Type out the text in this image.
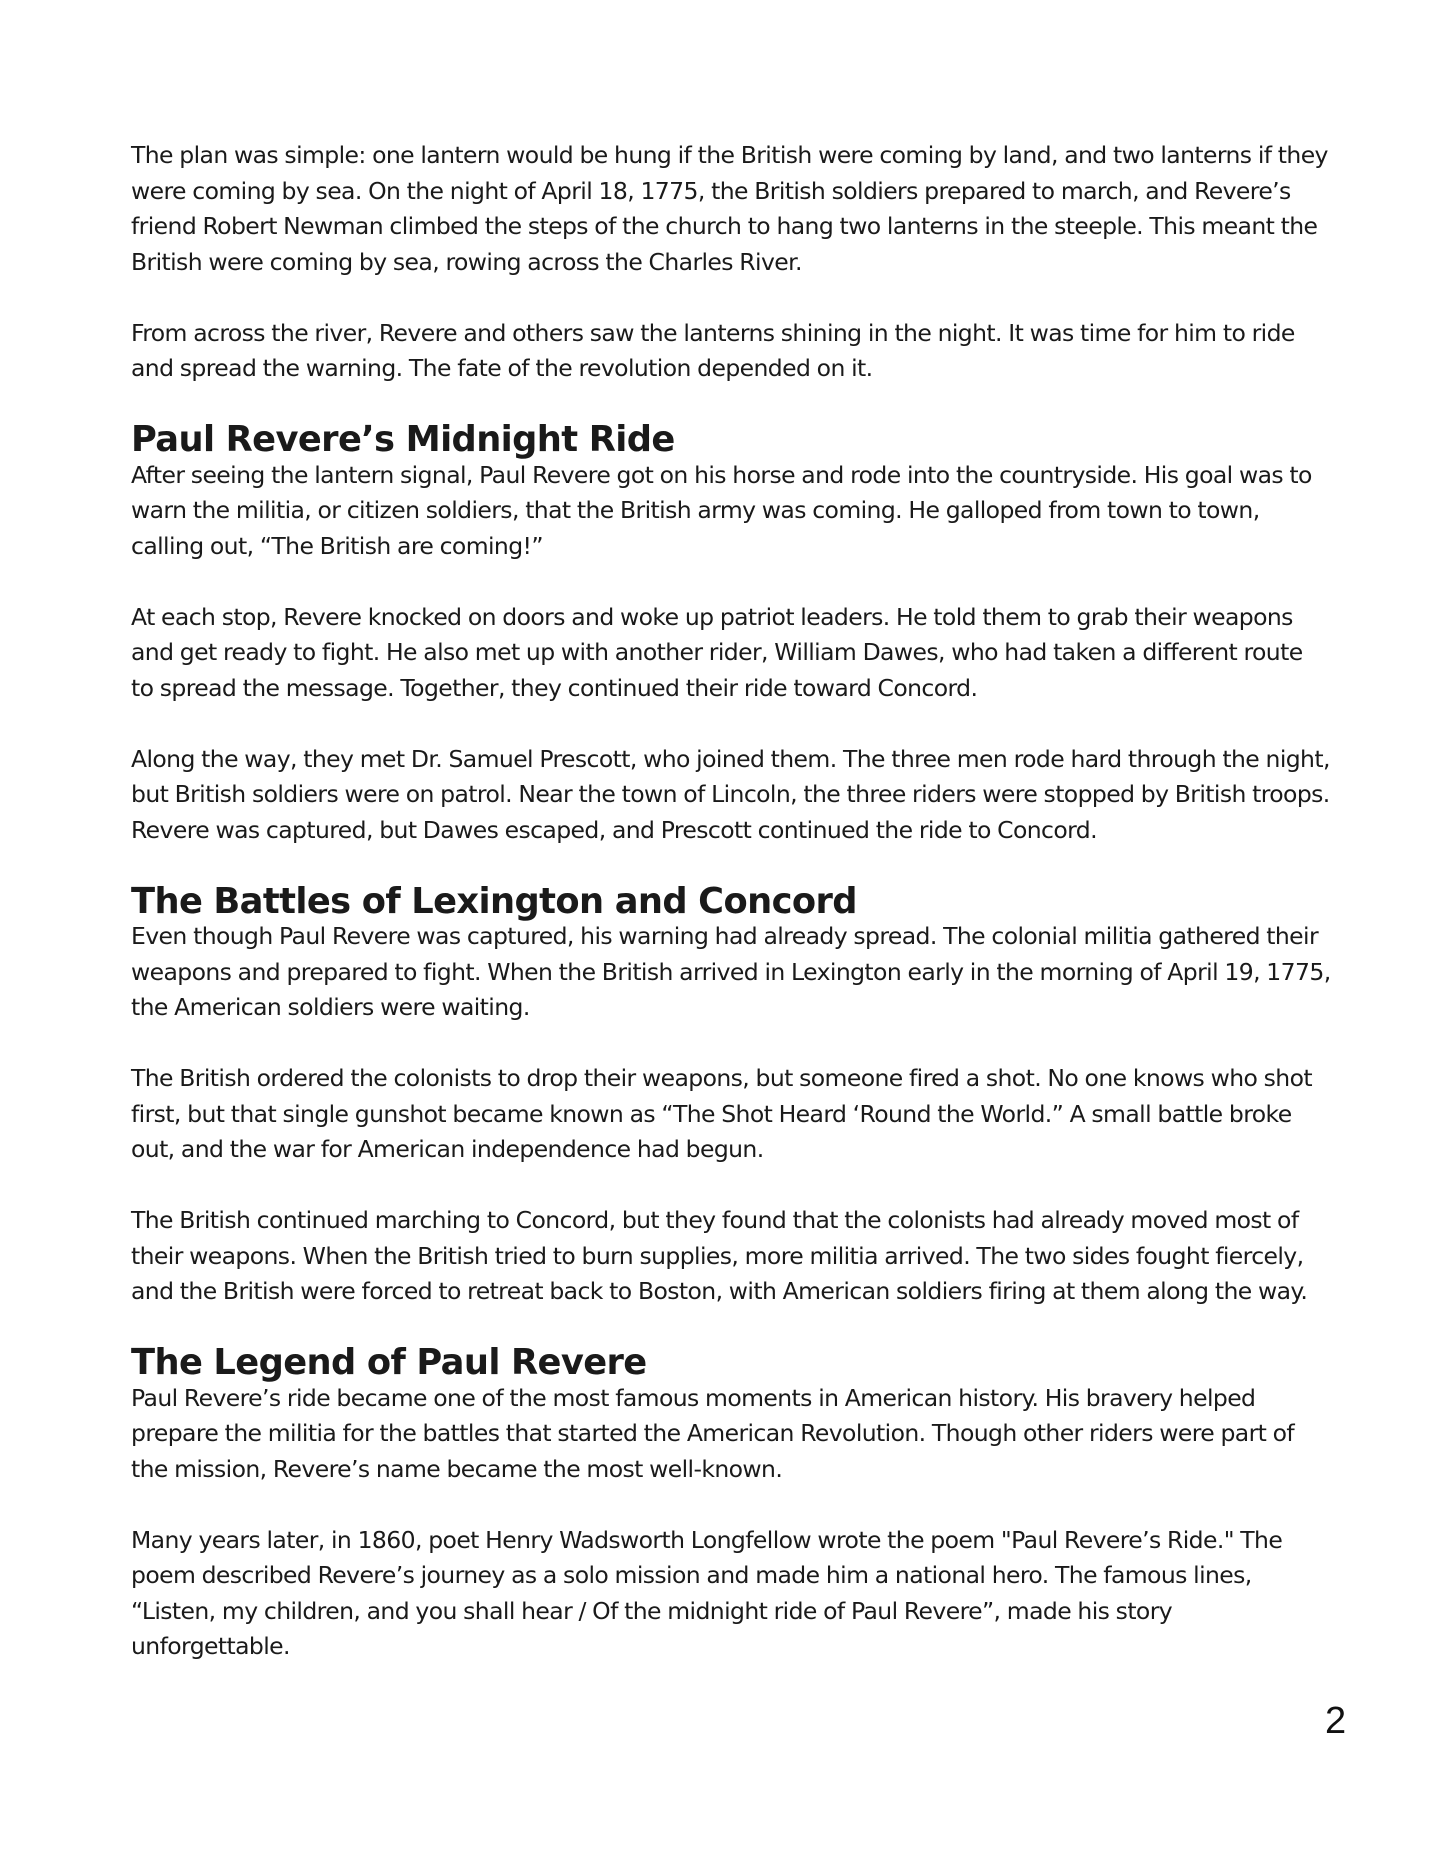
The plan was simple: one lantern would be hung if the British were coming by land, and two lanterns if they were coming by sea. On the night of April 18, 1775, the British soldiers prepared to march, and Revere’s friend Robert Newman climbed the steps of the church to hang two lanterns in the steeple. This meant the British were coming by sea, rowing across the Charles River.

From across the river, Revere and others saw the lanterns shining in the night. It was time for him to ride and spread the warning. The fate of the revolution depended on it.

Paul Revere’s Midnight Ride

After seeing the lantern signal, Paul Revere got on his horse and rode into the countryside. His goal was to warn the militia, or citizen soldiers, that the British army was coming. He galloped from town to town, calling out, “The British are coming!”

At each stop, Revere knocked on doors and woke up patriot leaders. He told them to grab their weapons and get ready to fight. He also met up with another rider, William Dawes, who had taken a different route to spread the message. Together, they continued their ride toward Concord.

Along the way, they met Dr. Samuel Prescott, who joined them. The three men rode hard through the night, but British soldiers were on patrol. Near the town of Lincoln, the three riders were stopped by British troops. Revere was captured, but Dawes escaped, and Prescott continued the ride to Concord.

The Battles of Lexington and Concord

Even though Paul Revere was captured, his warning had already spread. The colonial militia gathered their weapons and prepared to fight. When the British arrived in Lexington early in the morning of April 19, 1775, the American soldiers were waiting.

The British ordered the colonists to drop their weapons, but someone fired a shot. No one knows who shot first, but that single gunshot became known as “The Shot Heard ‘Round the World.” A small battle broke out, and the war for American independence had begun.

The British continued marching to Concord, but they found that the colonists had already moved most of their weapons. When the British tried to burn supplies, more militia arrived. The two sides fought fiercely, and the British were forced to retreat back to Boston, with American soldiers firing at them along the way.

The Legend of Paul Revere

Paul Revere’s ride became one of the most famous moments in American history. His bravery helped prepare the militia for the battles that started the American Revolution. Though other riders were part of the mission, Revere’s name became the most well-known.

Many years later, in 1860, poet Henry Wadsworth Longfellow wrote the poem "Paul Revere’s Ride." The poem described Revere’s journey as a solo mission and made him a national hero. The famous lines, “Listen, my children, and you shall hear / Of the midnight ride of Paul Revere”, made his story unforgettable.

2
